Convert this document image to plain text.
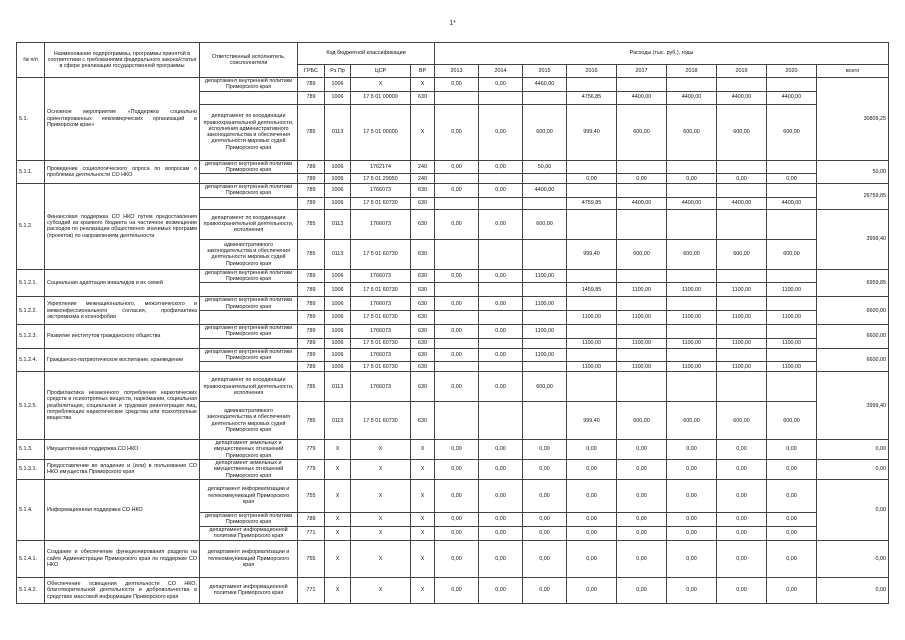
1*
№ п/п	Наименование подпрограммы, программы принятой в соответствии с требованиями федерального закона/статья в сфере реализации государственной программы	Ответственный исполнитель, соисполнители	Код бюджетной классификации				Расходы (тыс. руб.), годы								
			ГРБС	Рз Пр	ЦСР	ВР	2013	2014	2015	2016	2017	2018	2019	2020	всего
5.1.	Основное мероприятие «Поддержка социально ориентированных некоммерческих организаций в Приморском крае»	департамент внутренней политики Приморского края	789	1006	Х	Х	0,00	0,00	4460,00						30809,25
			789	1006	17 5 01 00000	630				4756,85	4400,00	4400,00	4400,00	4400,00	
		департамент по координации правоохранительной деятельности, исполнения административного законодательства и обеспечения деятельности мировых судей Приморского края	785	0113	17 5 01 00000	Х	0,00	0,00	600,00	999,40	600,00	600,00	600,00	600,00	
5.1.1.	Проведение социологического опроса по вопросам о проблемах деятельности СО НКО	департамент внутренней политики Приморского края	789	1006	1762174	240	0,00	0,00	50,00						50,00
			789	1006	17 5 01 29950	240				0,00	0,00	0,00	0,00	0,00	
5.1.2.	Финансовая поддержка СО НКО путем предоставления субсидий из краевого бюджета на частичное возмещение расходов по реализации общественно значимых программ (проектов) по направлениям деятельности	департамент внутренней политики Приморского края	789	1006	1766073	630	0,00	0,00	4400,00						26759,85
			789	1006	17 5 01 60730	630				4759,85	4400,00	4400,00	4400,00	4400,00	
		департамент по координации правоохранительной деятельности, исполнения	785	0113	1766073	630	0,00	0,00	600,00						3999,40
		административного законодательства и обеспечения деятельности мировых судей Приморского края	785	0113	17 5 01 60730	630				999,40	600,00	600,00	600,00	600,00	
5.1.2.1.	Социальная адаптация инвалидов и их семей	департамент внутренней политики Приморского края	789	1006	1766073	630	0,00	0,00	1100,00						6959,85
			789	1006	17 5 01 60730	630				1459,85	1100,00	1100,00	1100,00	1100,00	
5.1.2.2.	Укрепление межнационального, межэтнического и межконфессионального согласия, профилактика экстремизма и ксенофобии	департамент внутренней политики Приморского края	789	1006	1766073	630	0,00	0,00	1100,00						6600,00
			789	1006	17 5 01 60730	630				1100,00	1100,00	1100,00	1100,00	1100,00	
5.1.2.3.	Развитие институтов гражданского общества	департамент внутренней политики Приморского края	789	1006	1766073	630	0,00	0,00	1100,00						6600,00
			789	1006	17 5 01 60730	630				1100,00	1100,00	1100,00	1100,00	1100,00	
5.1.2.4.	Гражданско-патриотическое воспитание, краеведение	департамент внутренней политики Приморского края	789	1006	1766073	630	0,00	0,00	1100,00						6600,00
			789	1006	17 5 01 60730	630				1100,00	1100,00	1100,00	1100,00	1100,00	
5.1.2.5.	Профилактика незаконного потребления наркотических средств и психотропных веществ, наркомании, социальная реабилитация, социальная и трудовая реинтеграция лиц, потребляющих наркотические средства или психотропные вещества	департамент по координации правоохранительной деятельности, исполнения	785	0113	1766073	630	0,00	0,00	600,00						3999,40
		административного законодательства и обеспечения деятельности мировых судей Приморского края	785	0113	17 5 01 60730	630				999,40	600,00	600,00	600,00	600,00	
5.1.3.	Имущественная поддержка СО НКО	департамент земельных и имущественных отношений Приморского края	779	Х	Х	Х	0,00	0,00	0,00	0,00	0,00	0,00	0,00	0,00	0,00
5.1.3.1.	Предоставление во владение и (или) в пользование СО НКО имущества Приморского края	департамент земельных и имущественных отношений Приморского края	779	Х	Х	Х	0,00	0,00	0,00	0,00	0,00	0,00	0,00	0,00	0,00
5.1.4.	Информационная поддержка СО НКО	департамент информатизации и телекоммуникаций Приморского края	755	Х	Х	Х	0,00	0,00	0,00	0,00	0,00	0,00	0,00	0,00	0,00
		департамент внутренней политики Приморского края	789	Х	Х	Х	0,00	0,00	0,00	0,00	0,00	0,00	0,00	0,00	
		департамент информационной политики Приморского края	771	Х	Х	Х	0,00	0,00	0,00	0,00	0,00	0,00	0,00	0,00	
5.1.4.1.	Создание и обеспечение функционирования раздела на сайте Администрации Приморского края по поддержке СО НКО	департамент информатизации и телекоммуникаций Приморского края	755	Х	Х	Х	0,00	0,00	0,00	0,00	0,00	0,00	0,00	0,00	0,00
5.1.4.2.	Обеспечение освещения деятельности СО НКО, благотворительной деятельности и добровольчества в средствах массовой информации Приморского края	департамент информационной политики Приморского края	771	Х	Х	Х	0,00	0,00	0,00	0,00	0,00	0,00	0,00	0,00	0,00
